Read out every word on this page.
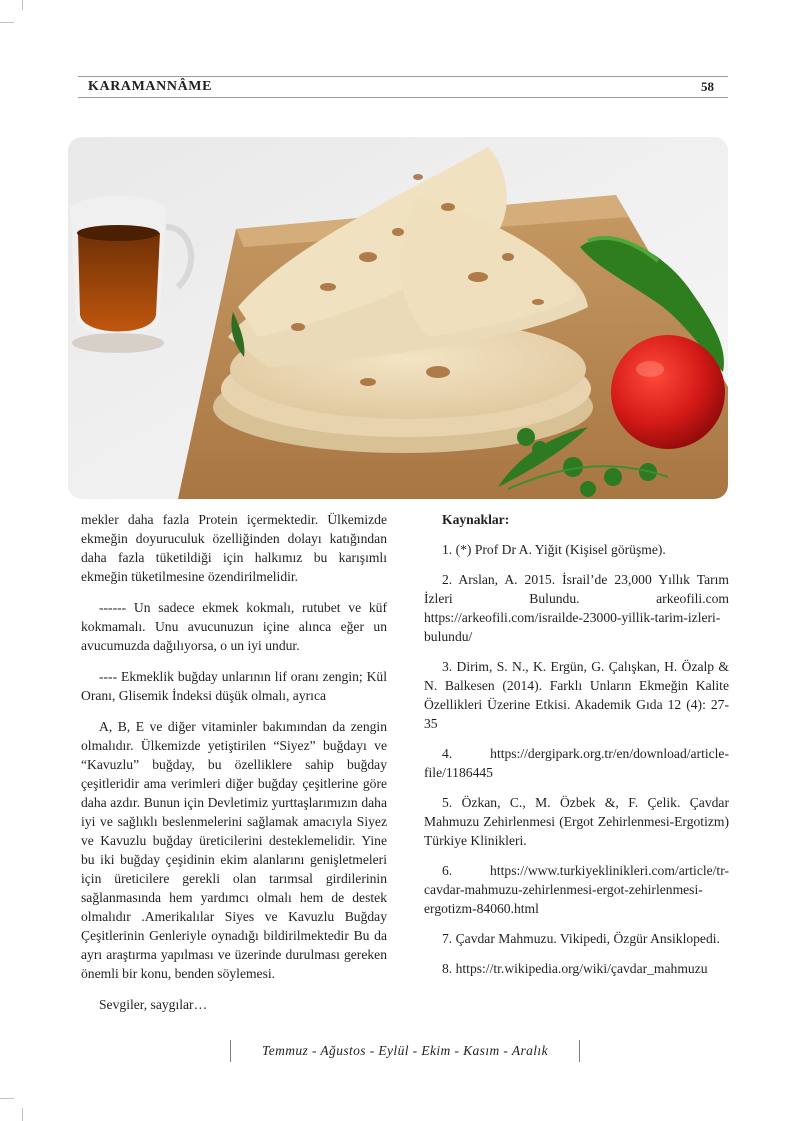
KARAMANNÂME	58

mekler daha fazla Protein içermektedir. Ülkemizde ekmeğin doyuruculuk özelliğinden dolayı katığından daha fazla tüketildiği için halkımız bu karışımlı ekmeğin tüketilmesine özendirilmelidir.

------ Un sadece ekmek kokmalı, rutubet ve küf kokmamalı. Unu avucunuzun içine alınca eğer un avucumuzda dağılıyorsa, o un iyi undur.

---- Ekmeklik buğday unlarının lif oranı zengin; Kül Oranı, Glisemik İndeksi düşük olmalı, ayrıca

A, B, E ve diğer vitaminler bakımından da zengin olmalıdır. Ülkemizde yetiştirilen “Siyez” buğdayı ve “Kavuzlu” buğday, bu özelliklere sahip buğday çeşitleridir ama verimleri diğer buğday çeşitlerine göre daha azdır. Bunun için Devletimiz yurttaşlarımızın daha iyi ve sağlıklı beslenmelerini sağlamak amacıyla Siyez ve Kavuzlu buğday üreticilerini desteklemelidir. Yine bu iki buğday çeşidinin ekim alanlarını genişletmeleri için üreticilere gerekli olan tarımsal girdilerinin sağlanmasında hem yardımcı olmalı hem de destek olmalıdır .Amerikalılar Siyes ve Kavuzlu Buğday Çeşitlerinin Genleriyle oynadığı bildirilmektedir Bu da ayrı araştırma yapılması ve üzerinde durulması gereken önemli bir konu, benden söylemesi.

Sevgiler, saygılar…

Kaynaklar:

1. (*) Prof Dr A. Yiğit (Kişisel görüşme).

2. Arslan, A. 2015. İsrail’de 23,000 Yıllık Tarım İzleri Bulundu. arkeofili.com https://arkeofili.com/israilde-23000-yillik-tarim-izleri-bulundu/

3. Dirim, S. N., K. Ergün, G. Çalışkan, H. Özalp & N. Balkesen (2014). Farklı Unların Ekmeğin Kalite Özellikleri Üzerine Etkisi. Akademik Gıda 12 (4): 27-35

4. https://dergipark.org.tr/en/download/article-file/1186445

5. Özkan, C., M. Özbek &, F. Çelik. Çavdar Mahmuzu Zehirlenmesi (Ergot Zehirlenmesi-Ergotizm) Türkiye Klinikleri.

6. https://www.turkiyeklinikleri.com/article/tr-cavdar-mahmuzu-zehirlenmesi-ergot-zehirlenmesi-ergotizm-84060.html

7. Çavdar Mahmuzu. Vikipedi, Özgür Ansiklopedi.

8. https://tr.wikipedia.org/wiki/çavdar_mahmuzu

Temmuz - Ağustos - Eylül - Ekim - Kasım - Aralık
